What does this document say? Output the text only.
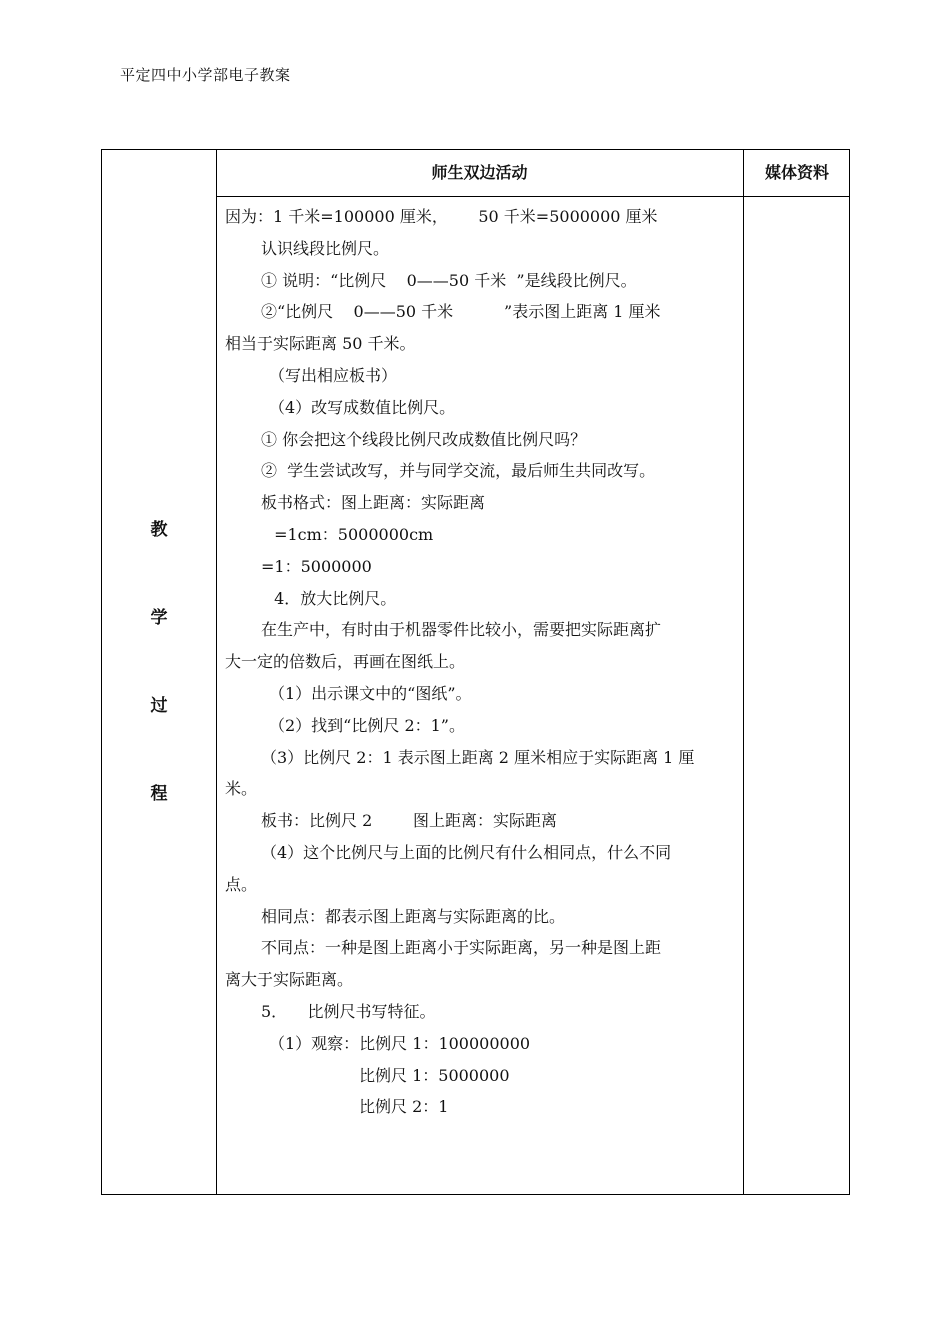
平定四中小学部电子教案
师生双边活动	媒体资料
教
学
过
程
因为：1 千米=100000 厘米，      50 千米=5000000 厘米
认识线段比例尺。
① 说明：“比例尺    0——50 千米  ”是线段比例尺。
②“比例尺    0——50 千米          ”表示图上距离 1 厘米
相当于实际距离 50 千米。
（写出相应板书）
（4）改写成数值比例尺。
① 你会把这个线段比例尺改成数值比例尺吗？
②  学生尝试改写，并与同学交流，最后师生共同改写。
板书格式：图上距离：实际距离
=1cm：5000000cm
=1：5000000
4．放大比例尺。
在生产中，有时由于机器零件比较小，需要把实际距离扩
大一定的倍数后，再画在图纸上。
（1）出示课文中的“图纸”。
（2）找到“比例尺 2：1”。
（3）比例尺 2：1 表示图上距离 2 厘米相应于实际距离 1 厘
米。
板书：比例尺 2        图上距离：实际距离
（4）这个比例尺与上面的比例尺有什么相同点，什么不同
点。
相同点：都表示图上距离与实际距离的比。
不同点：一种是图上距离小于实际距离，另一种是图上距
离大于实际距离。
5．    比例尺书写特征。
（1）观察：比例尺 1：100000000
比例尺 1：5000000
比例尺 2：1
